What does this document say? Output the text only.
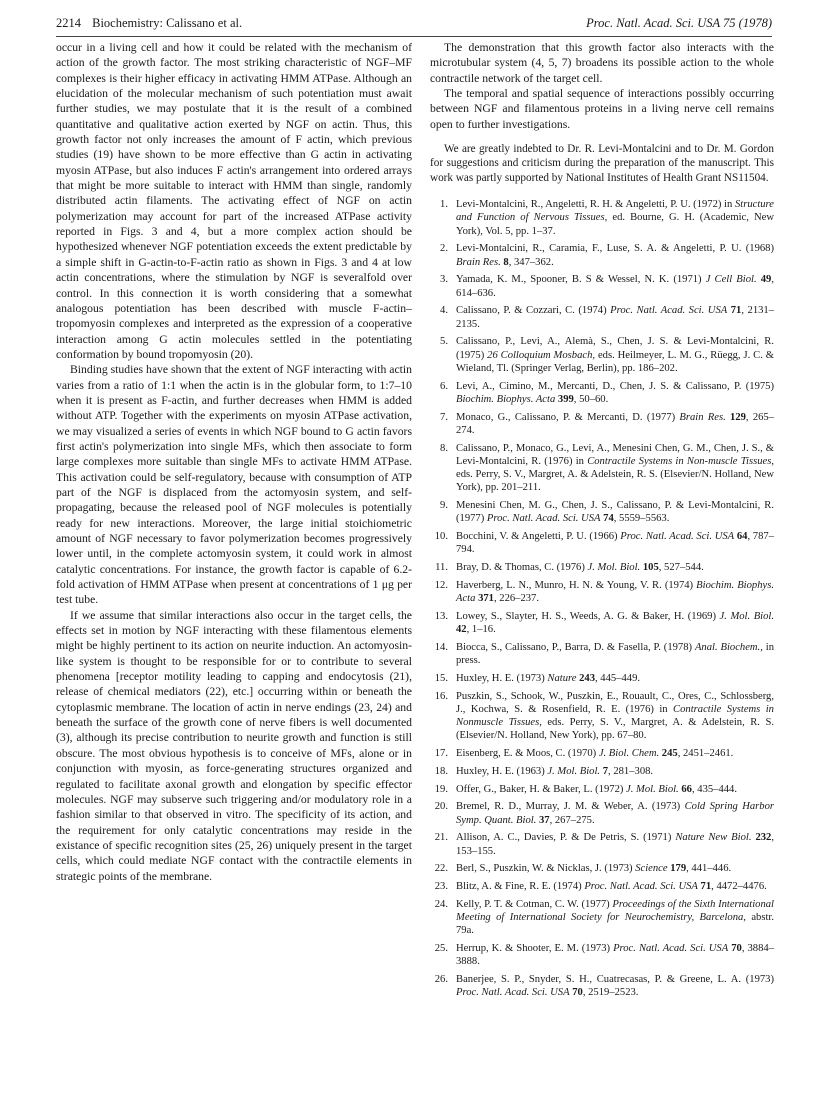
2214 Biochemistry: Calissano et al.	Proc. Natl. Acad. Sci. USA 75 (1978)

occur in a living cell and how it could be related with the mechanism of action of the growth factor. The most striking characteristic of NGF–MF complexes is their higher efficacy in activating HMM ATPase. Although an elucidation of the molecular mechanism of such potentiation must await further studies, we may postulate that it is the result of a combined quantitative and qualitative action exerted by NGF on actin. Thus, this growth factor not only increases the amount of F actin, which previous studies (19) have shown to be more effective than G actin in activating myosin ATPase, but also induces F actin's arrangement into ordered arrays that might be more suitable to interact with HMM than single, randomly distributed actin filaments. The activating effect of NGF on actin polymerization may account for part of the increased ATPase activity reported in Figs. 3 and 4, but a more complex action should be hypothesized whenever NGF potentiation exceeds the extent predictable by a simple shift in G-actin-to-F-actin ratio as shown in Figs. 3 and 4 at low actin concentrations, where the stimulation by NGF is severalfold over control. In this connection it is worth considering that a somewhat analogous potentiation has been described with muscle F-actin–tropomyosin complexes and interpreted as the expression of a cooperative interaction among G actin molecules settled in the potentiating conformation by bound tropomyosin (20).

Binding studies have shown that the extent of NGF interacting with actin varies from a ratio of 1:1 when the actin is in the globular form, to 1:7–10 when it is present as F-actin, and further decreases when HMM is added without ATP. Together with the experiments on myosin ATPase activation, we may visualized a series of events in which NGF bound to G actin favors first actin's polymerization into single MFs, which then associate to form large complexes more suitable than single MFs to activate HMM ATPase. This activation could be self-regulatory, because with consumption of ATP part of the NGF is displaced from the actomyosin system, and self-propagating, because the released pool of NGF molecules is potentially ready for new interactions. Moreover, the large initial stoichiometric amount of NGF necessary to favor polymerization becomes progressively lower until, in the complete actomyosin system, it could work in almost catalytic concentrations. For instance, the growth factor is capable of 6.2-fold activation of HMM ATPase when present at concentrations of 1 μg per test tube.

If we assume that similar interactions also occur in the target cells, the effects set in motion by NGF interacting with these filamentous elements might be highly pertinent to its action on neurite induction. An actomyosin-like system is thought to be responsible for or to contribute to several phenomena [receptor motility leading to capping and endocytosis (21), release of chemical mediators (22), etc.] occurring within or beneath the cytoplasmic membrane. The location of actin in nerve endings (23, 24) and beneath the surface of the growth cone of nerve fibers is well documented (3), although its precise contribution to neurite growth and function is still obscure. The most obvious hypothesis is to conceive of MFs, alone or in conjunction with myosin, as force-generating structures organized and regulated to facilitate axonal growth and elongation by specific effector molecules. NGF may subserve such triggering and/or modulatory role in a fashion similar to that observed in vitro. The specificity of its action, and the requirement for only catalytic concentrations may reside in the existance of specific recognition sites (25, 26) uniquely present in the target cells, which could mediate NGF contact with the contractile elements in strategic points of the membrane.

The demonstration that this growth factor also interacts with the microtubular system (4, 5, 7) broadens its possible action to the whole contractile network of the target cell.

The temporal and spatial sequence of interactions possibly occurring between NGF and filamentous proteins in a living nerve cell remains open to further investigations.

We are greatly indebted to Dr. R. Levi-Montalcini and to Dr. M. Gordon for suggestions and criticism during the preparation of the manuscript. This work was partly supported by National Institutes of Health Grant NS11504.

1. Levi-Montalcini, R., Angeletti, R. H. & Angeletti, P. U. (1972) in Structure and Function of Nervous Tissues, ed. Bourne, G. H. (Academic, New York), Vol. 5, pp. 1–37.
2. Levi-Montalcini, R., Caramia, F., Luse, S. A. & Angeletti, P. U. (1968) Brain Res. 8, 347–362.
3. Yamada, K. M., Spooner, B. S & Wessel, N. K. (1971) J Cell Biol. 49, 614–636.
4. Calissano, P. & Cozzari, C. (1974) Proc. Natl. Acad. Sci. USA 71, 2131–2135.
5. Calissano, P., Levi, A., Alemà, S., Chen, J. S. & Levi-Montalcini, R. (1975) 26 Colloquium Mosbach, eds. Heilmeyer, L. M. G., Rüegg, J. C. & Wieland, Tl. (Springer Verlag, Berlin), pp. 186–202.
6. Levi, A., Cimino, M., Mercanti, D., Chen, J. S. & Calissano, P. (1975) Biochim. Biophys. Acta 399, 50–60.
7. Monaco, G., Calissano, P. & Mercanti, D. (1977) Brain Res. 129, 265–274.
8. Calissano, P., Monaco, G., Levi, A., Menesini Chen, G. M., Chen, J. S., & Levi-Montalcini, R. (1976) in Contractile Systems in Non-muscle Tissues, eds. Perry, S. V., Margret, A. & Adelstein, R. S. (Elsevier/N. Holland, New York), pp. 201–211.
9. Menesini Chen, M. G., Chen, J. S., Calissano, P. & Levi-Montalcini, R. (1977) Proc. Natl. Acad. Sci. USA 74, 5559–5563.
10. Bocchini, V. & Angeletti, P. U. (1966) Proc. Natl. Acad. Sci. USA 64, 787–794.
11. Bray, D. & Thomas, C. (1976) J. Mol. Biol. 105, 527–544.
12. Haverberg, L. N., Munro, H. N. & Young, V. R. (1974) Biochim. Biophys. Acta 371, 226–237.
13. Lowey, S., Slayter, H. S., Weeds, A. G. & Baker, H. (1969) J. Mol. Biol. 42, 1–16.
14. Biocca, S., Calissano, P., Barra, D. & Fasella, P. (1978) Anal. Biochem., in press.
15. Huxley, H. E. (1973) Nature 243, 445–449.
16. Puszkin, S., Schook, W., Puszkin, E., Rouault, C., Ores, C., Schlossberg, J., Kochwa, S. & Rosenfield, R. E. (1976) in Contractile Systems in Nonmuscle Tissues, eds. Perry, S. V., Margret, A. & Adelstein, R. S. (Elsevier/N. Holland, New York), pp. 67–80.
17. Eisenberg, E. & Moos, C. (1970) J. Biol. Chem. 245, 2451–2461.
18. Huxley, H. E. (1963) J. Mol. Biol. 7, 281–308.
19. Offer, G., Baker, H. & Baker, L. (1972) J. Mol. Biol. 66, 435–444.
20. Bremel, R. D., Murray, J. M. & Weber, A. (1973) Cold Spring Harbor Symp. Quant. Biol. 37, 267–275.
21. Allison, A. C., Davies, P. & De Petris, S. (1971) Nature New Biol. 232, 153–155.
22. Berl, S., Puszkin, W. & Nicklas, J. (1973) Science 179, 441–446.
23. Blitz, A. & Fine, R. E. (1974) Proc. Natl. Acad. Sci. USA 71, 4472–4476.
24. Kelly, P. T. & Cotman, C. W. (1977) Proceedings of the Sixth International Meeting of International Society for Neurochemistry, Barcelona, abstr. 79a.
25. Herrup, K. & Shooter, E. M. (1973) Proc. Natl. Acad. Sci. USA 70, 3884–3888.
26. Banerjee, S. P., Snyder, S. H., Cuatrecasas, P. & Greene, L. A. (1973) Proc. Natl. Acad. Sci. USA 70, 2519–2523.
